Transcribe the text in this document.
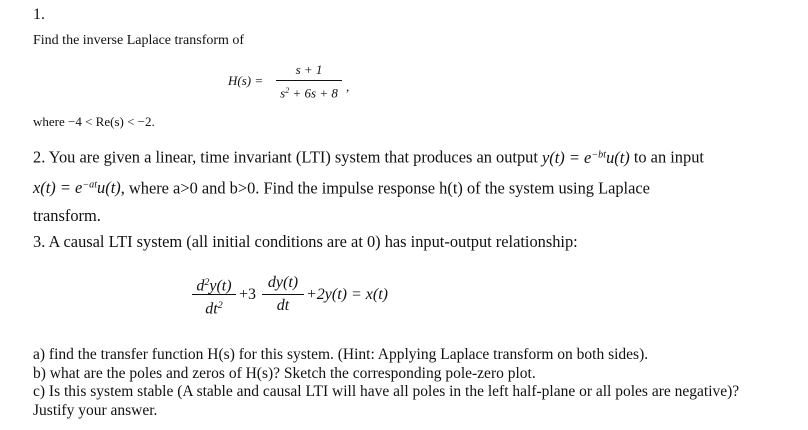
1.
Find the inverse Laplace transform of
H(s) =
s + 1
$s^2 + 6s + 8$ ,
where −4 < Re(s) < −2.
2. You are given a linear, time invariant (LTI) system that produces an output $y(t) = e^{-bt}u(t)$ to an input
$x(t) = e^{-at}u(t)$, where a>0 and b>0. Find the impulse response h(t) of the system using Laplace
transform.
3. A causal LTI system (all initial conditions are at 0) has input-output relationship:
$d^2y(t)$
$dt^2$
+3
dy(t)
dt
+2y(t) = x(t)
a) find the transfer function H(s) for this system. (Hint: Applying Laplace transform on both sides).
b) what are the poles and zeros of H(s)? Sketch the corresponding pole-zero plot.
c) Is this system stable (A stable and causal LTI will have all poles in the left half-plane or all poles are negative)? Justify your answer.
